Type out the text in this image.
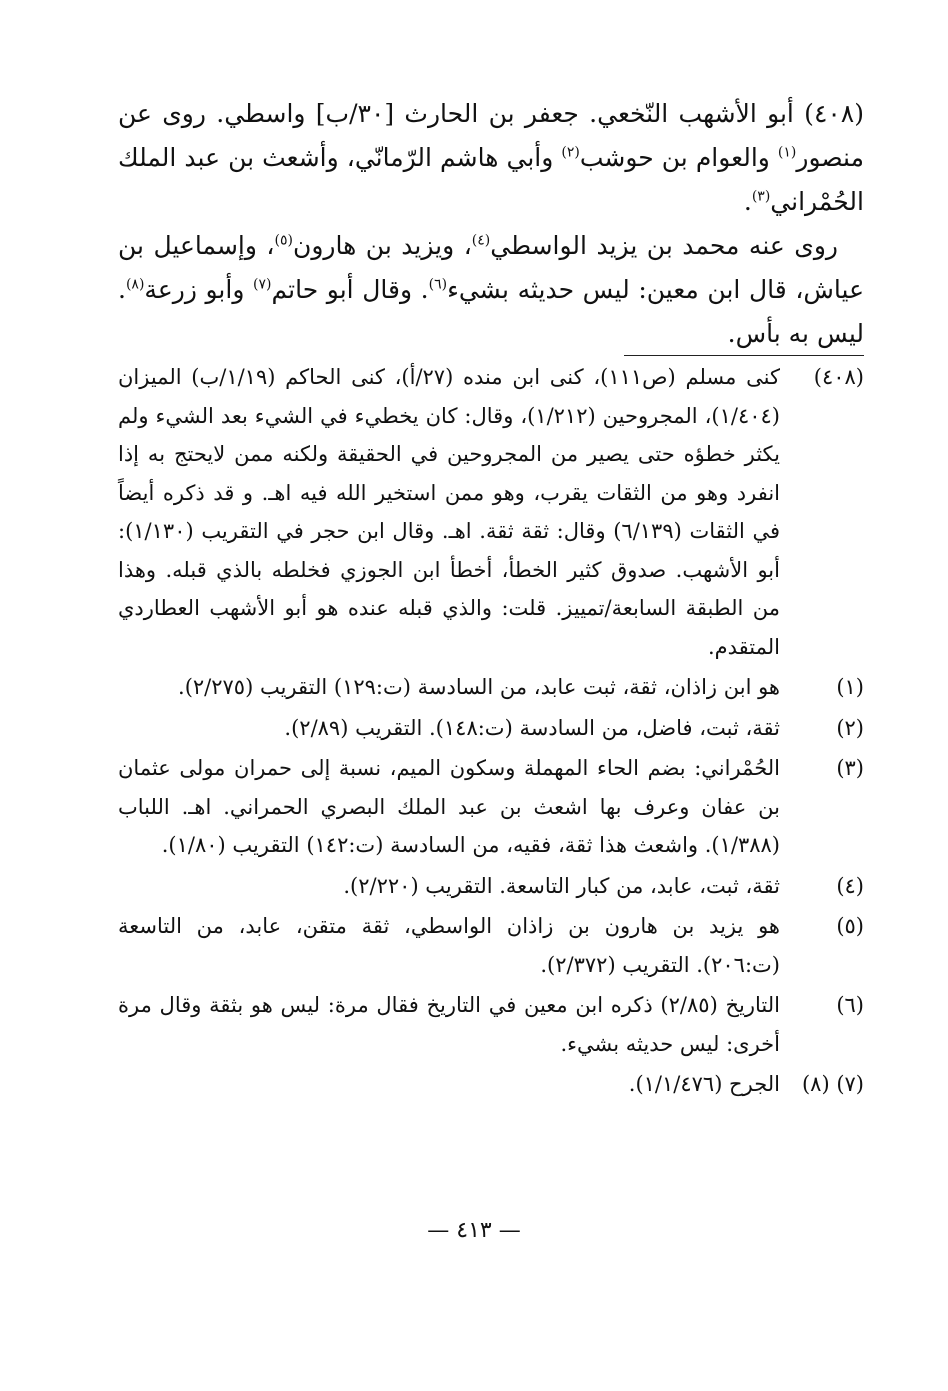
(٤٠٨) أبو الأشهب النّخعي. جعفر بن الحارث [٣٠/ب] واسطي. روى عن منصور$^{(١)}$ والعوام بن حوشب$^{(٢)}$ وأبي هاشم الرّمانّي، وأشعث بن عبد الملك الحُمْراني$^{(٣)}$.

روى عنه محمد بن يزيد الواسطي$^{(٤)}$، ويزيد بن هارون$^{(٥)}$، وإسماعيل بن عياش، قال ابن معين: ليس حديثه بشيء$^{(٦)}$. وقال أبو حاتم$^{(٧)}$ وأبو زرعة$^{(٨)}$. ليس به بأس.

(٤٠٨)
كنى مسلم (ص١١١)، كنى ابن منده (٢٧/أ)، كنى الحاكم (١/١٩/ب) الميزان (١/٤٠٤)، المجروحين (١/٢١٢)، وقال: كان يخطيء في الشيء بعد الشيء ولم يكثر خطؤه حتى يصير من المجروحين في الحقيقة ولكنه ممن لايحتج به إذا انفرد وهو من الثقات يقرب، وهو ممن استخير الله فيه اهـ. و قد ذكره أيضاً في الثقات (٦/١٣٩) وقال: ثقة ثقة. اهـ. وقال ابن حجر في التقريب (١/١٣٠): أبو الأشهب. صدوق كثير الخطأ، أخطأ ابن الجوزي فخلطه بالذي قبله. وهذا من الطبقة السابعة/تمييز. قلت: والذي قبله عنده هو أبو الأشهب العطاردي المتقدم.
(١)
هو ابن زاذان، ثقة، ثبت عابد، من السادسة (ت:١٢٩) التقريب (٢/٢٧٥).
(٢)
ثقة، ثبت، فاضل، من السادسة (ت:١٤٨). التقريب (٢/٨٩).
(٣)
الحُمْراني: بضم الحاء المهملة وسكون الميم، نسبة إلى حمران مولى عثمان بن عفان وعرف بها اشعث بن عبد الملك البصري الحمراني. اهـ. اللباب (١/٣٨٨). واشعث هذا ثقة، فقيه، من السادسة (ت:١٤٢) التقريب (١/٨٠).
(٤)
ثقة، ثبت، عابد، من كبار التاسعة. التقريب (٢/٢٢٠).
(٥)
هو يزيد بن هارون بن زاذان الواسطي، ثقة متقن، عابد، من التاسعة (ت:٢٠٦). التقريب (٢/٣٧٢).
(٦)
التاريخ (٢/٨٥) ذكره ابن معين في التاريخ فقال مرة: ليس هو بثقة وقال مرة أخرى: ليس حديثه بشيء.
(٧) (٨)
الجرح (١/١/٤٧٦).
— ٤١٣ —
